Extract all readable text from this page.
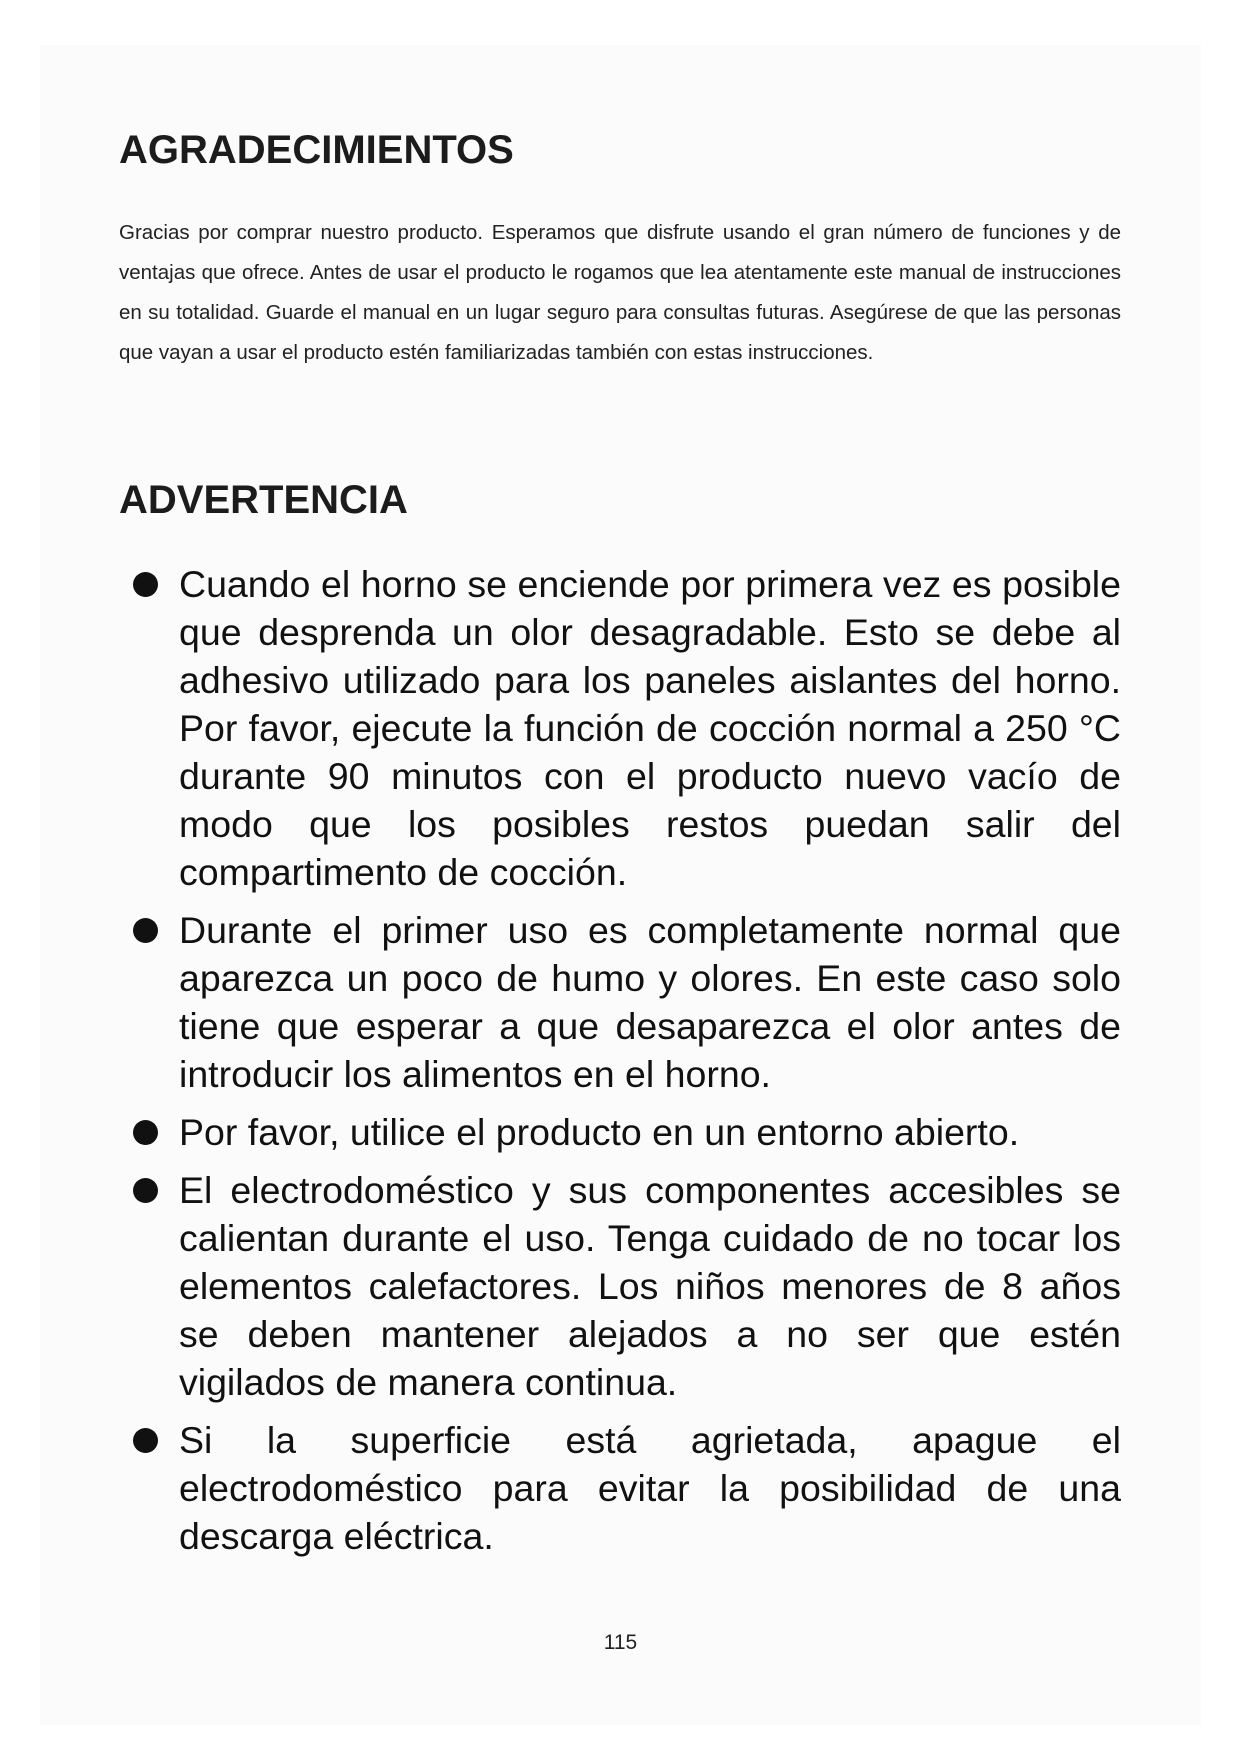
AGRADECIMIENTOS

Gracias por comprar nuestro producto. Esperamos que disfrute usando el gran número de funciones y de ventajas que ofrece. Antes de usar el producto le rogamos que lea atentamente este manual de instrucciones en su totalidad. Guarde el manual en un lugar seguro para consultas futuras. Asegúrese de que las personas que vayan a usar el producto estén familiarizadas también con estas instrucciones.

ADVERTENCIA
Cuando el horno se enciende por primera vez es posible que desprenda un olor desagradable. Esto se debe al adhesivo utilizado para los paneles aislantes del horno. Por favor, ejecute la función de cocción normal a 250 °C durante 90 minutos con el producto nuevo vacío de modo que los posibles restos puedan salir del compartimento de cocción.
Durante el primer uso es completamente normal que aparezca un poco de humo y olores. En este caso solo tiene que esperar a que desaparezca el olor antes de introducir los alimentos en el horno.
Por favor, utilice el producto en un entorno abierto.
El electrodoméstico y sus componentes accesibles se calientan durante el uso. Tenga cuidado de no tocar los elementos calefactores. Los niños menores de 8 años se deben mantener alejados a no ser que estén vigilados de manera continua.
Si la superficie está agrietada, apague el electrodoméstico para evitar la posibilidad de una descarga eléctrica.
115
